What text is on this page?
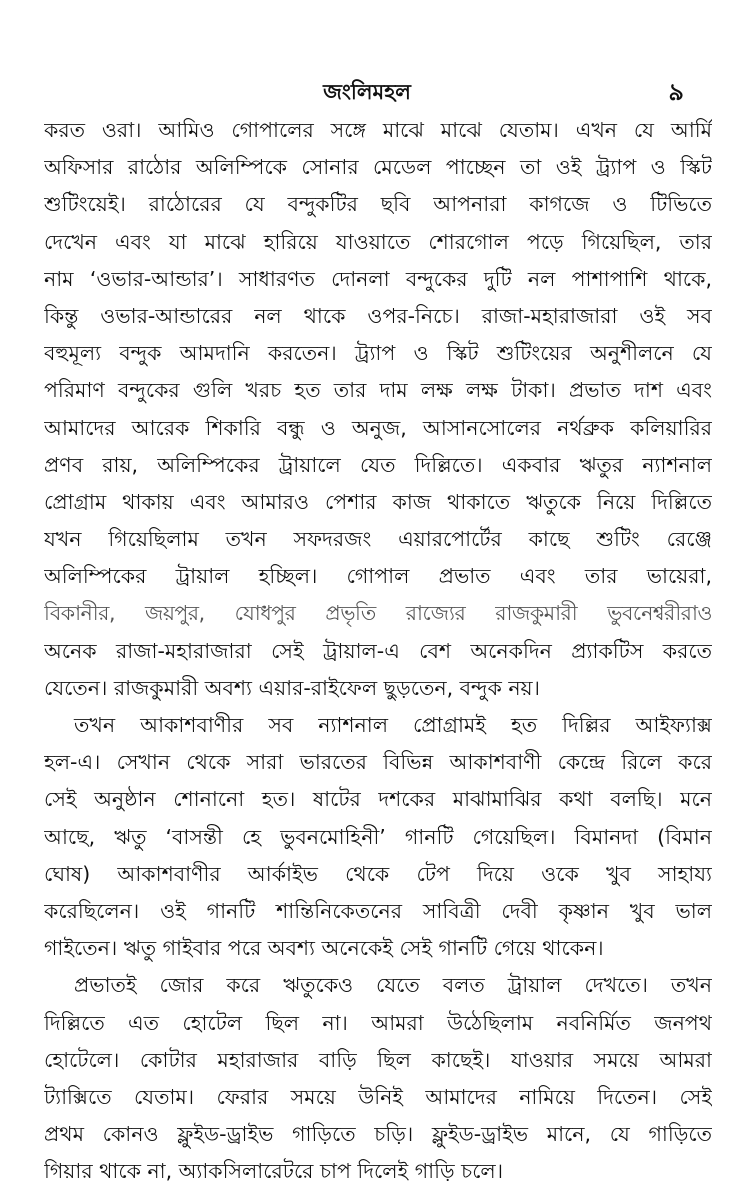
জংলিমহল	৯
করত ওরা। আমিও গোপালের সঙ্গে মাঝে মাঝে যেতাম। এখন যে আর্মি
অফিসার রাঠোর অলিম্পিকে সোনার মেডেল পাচ্ছেন তা ওই ট্র্যাপ ও স্কিট
শুটিংয়েই। রাঠোরের যে বন্দুকটির ছবি আপনারা কাগজে ও টিভিতে
দেখেন এবং যা মাঝে হারিয়ে যাওয়াতে শোরগোল পড়ে গিয়েছিল, তার
নাম ‘ওভার-আন্ডার’। সাধারণত দোনলা বন্দুকের দুটি নল পাশাপাশি থাকে,
কিন্তু ওভার-আন্ডারের নল থাকে ওপর-নিচে। রাজা-মহারাজারা ওই সব
বহুমূল্য বন্দুক আমদানি করতেন। ট্র্যাপ ও স্কিট শুটিংয়ের অনুশীলনে যে
পরিমাণ বন্দুকের গুলি খরচ হত তার দাম লক্ষ লক্ষ টাকা। প্রভাত দাশ এবং
আমাদের আরেক শিকারি বন্ধু ও অনুজ, আসানসোলের নর্থব্রুক কলিয়ারির
প্রণব রায়, অলিম্পিকের ট্রায়ালে যেত দিল্লিতে। একবার ঋতুর ন্যাশনাল
প্রোগ্রাম থাকায় এবং আমারও পেশার কাজ থাকাতে ঋতুকে নিয়ে দিল্লিতে
যখন গিয়েছিলাম তখন সফদরজং এয়ারপোর্টের কাছে শুটিং রেঞ্জে
অলিম্পিকের ট্রায়াল হচ্ছিল। গোপাল প্রভাত এবং তার ভায়েরা,
বিকানীর, জয়পুর, যোধপুর প্রভৃতি রাজ্যের রাজকুমারী ভুবনেশ্বরীরাও
অনেক রাজা-মহারাজারা সেই ট্রায়াল-এ বেশ অনেকদিন প্র্যাকটিস করতে
যেতেন। রাজকুমারী অবশ্য এয়ার-রাইফেল ছুড়তেন, বন্দুক নয়।
তখন আকাশবাণীর সব ন্যাশনাল প্রোগ্রামই হত দিল্লির আইফ্যাক্স
হল-এ। সেখান থেকে সারা ভারতের বিভিন্ন আকাশবাণী কেন্দ্রে রিলে করে
সেই অনুষ্ঠান শোনানো হত। ষাটের দশকের মাঝামাঝির কথা বলছি। মনে
আছে, ঋতু ‘বাসন্তী হে ভুবনমোহিনী’ গানটি গেয়েছিল। বিমানদা (বিমান
ঘোষ) আকাশবাণীর আর্কাইভ থেকে টেপ দিয়ে ওকে খুব সাহায্য
করেছিলেন। ওই গানটি শান্তিনিকেতনের সাবিত্রী দেবী কৃষ্ণান খুব ভাল
গাইতেন। ঋতু গাইবার পরে অবশ্য অনেকেই সেই গানটি গেয়ে থাকেন।
প্রভাতই জোর করে ঋতুকেও যেতে বলত ট্রায়াল দেখতে। তখন
দিল্লিতে এত হোটেল ছিল না। আমরা উঠেছিলাম নবনির্মিত জনপথ
হোটেলে। কোটার মহারাজার বাড়ি ছিল কাছেই। যাওয়ার সময়ে আমরা
ট্যাক্সিতে যেতাম। ফেরার সময়ে উনিই আমাদের নামিয়ে দিতেন। সেই
প্রথম কোনও ফ্লুইড-ড্রাইভ গাড়িতে চড়ি। ফ্লুইড-ড্রাইভ মানে, যে গাড়িতে
গিয়ার থাকে না, অ্যাকসিলারেটরে চাপ দিলেই গাড়ি চলে।
